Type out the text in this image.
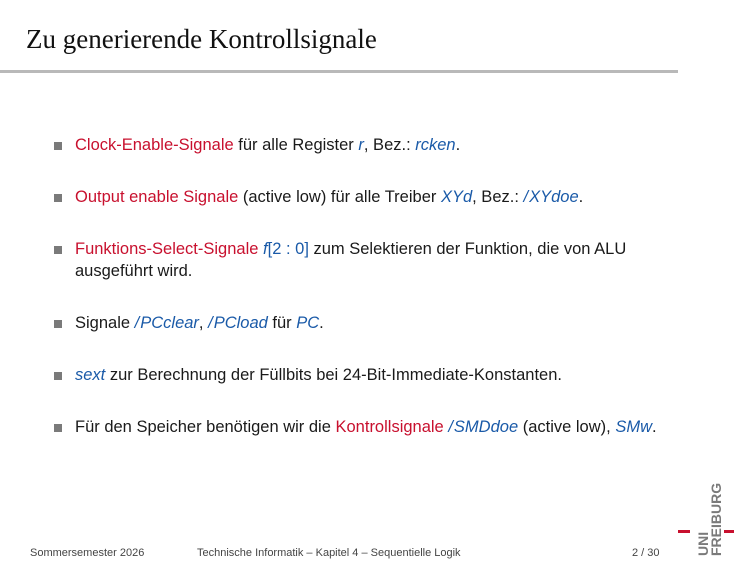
Zu generierende Kontrollsignale
Clock-Enable-Signale für alle Register r, Bez.: rcken.
Output enable Signale (active low) für alle Treiber XYd, Bez.: /XYdoe.
Funktions-Select-Signale f[2 : 0] zum Selektieren der Funktion, die von ALU ausgeführt wird.
Signale /PCclear, /PCload für PC.
sext zur Berechnung der Füllbits bei 24-Bit-Immediate-Konstanten.
Für den Speicher benötigen wir die Kontrollsignale /SMDdoe (active low), SMw.
Sommersemester 2026	Technische Informatik – Kapitel 4 – Sequentielle Logik	2 / 30	UNI
FREIBURG
